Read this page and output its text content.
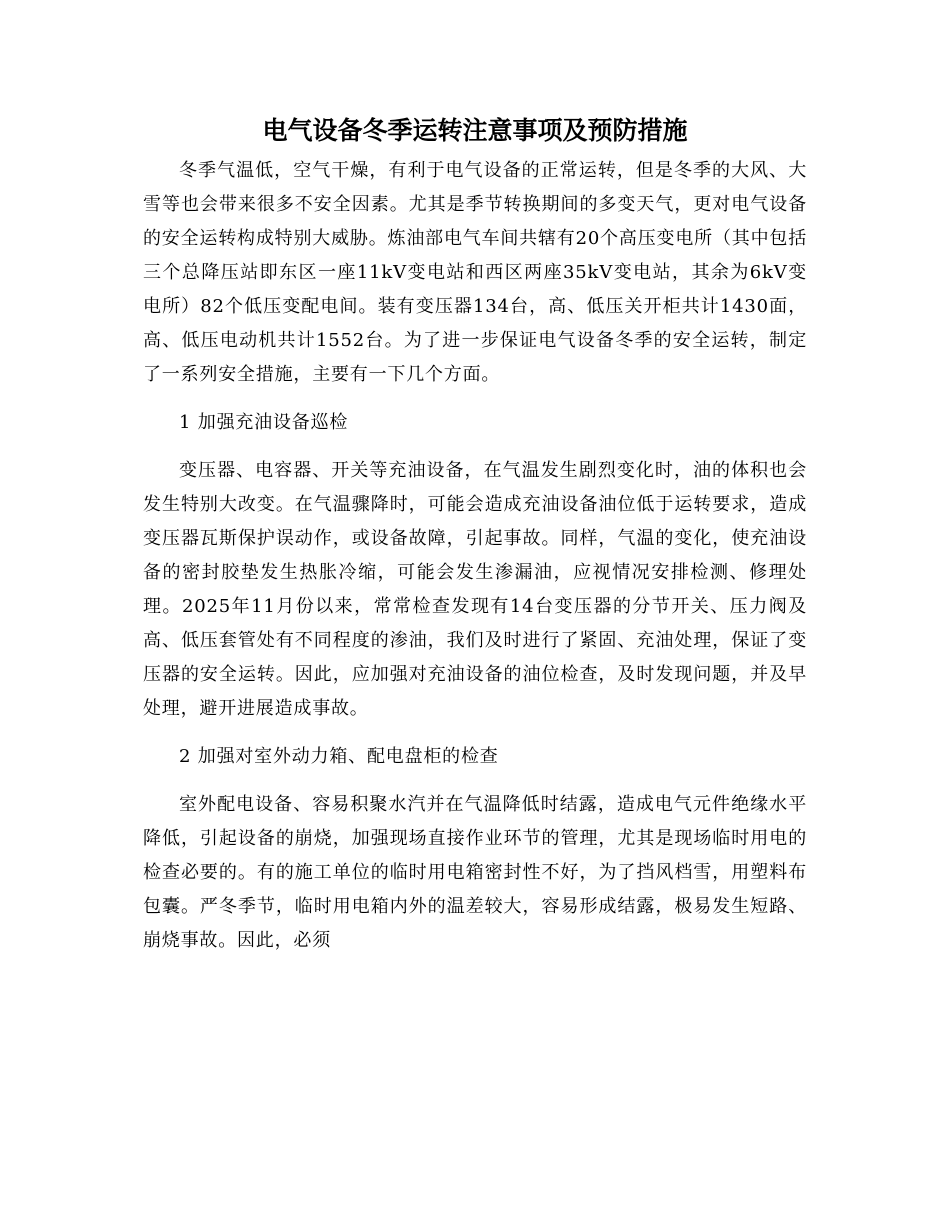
电气设备冬季运转注意事项及预防措施

冬季气温低，空气干燥，有利于电气设备的正常运转，但是冬季的大风、大雪等也会带来很多不安全因素。尤其是季节转换期间的多变天气，更对电气设备的安全运转构成特别大威胁。炼油部电气车间共辖有20个高压变电所（其中包括三个总降压站即东区一座11kV变电站和西区两座35kV变电站，其余为6kV变电所）82个低压变配电间。装有变压器134台，高、低压关开柜共计1430面，高、低压电动机共计1552台。为了进一步保证电气设备冬季的安全运转，制定了一系列安全措施，主要有一下几个方面。

1 加强充油设备巡检

变压器、电容器、开关等充油设备，在气温发生剧烈变化时，油的体积也会发生特别大改变。在气温骤降时，可能会造成充油设备油位低于运转要求，造成变压器瓦斯保护误动作，或设备故障，引起事故。同样，气温的变化，使充油设备的密封胶垫发生热胀冷缩，可能会发生渗漏油，应视情况安排检测、修理处理。2025年11月份以来，常常检查发现有14台变压器的分节开关、压力阀及高、低压套管处有不同程度的渗油，我们及时进行了紧固、充油处理，保证了变压器的安全运转。因此，应加强对充油设备的油位检查，及时发现问题，并及早处理，避开进展造成事故。

2 加强对室外动力箱、配电盘柜的检查

室外配电设备、容易积聚水汽并在气温降低时结露，造成电气元件绝缘水平降低，引起设备的崩烧，加强现场直接作业环节的管理，尤其是现场临时用电的检查必要的。有的施工单位的临时用电箱密封性不好，为了挡风档雪，用塑料布包囊。严冬季节，临时用电箱内外的温差较大，容易形成结露，极易发生短路、崩烧事故。因此，必须
